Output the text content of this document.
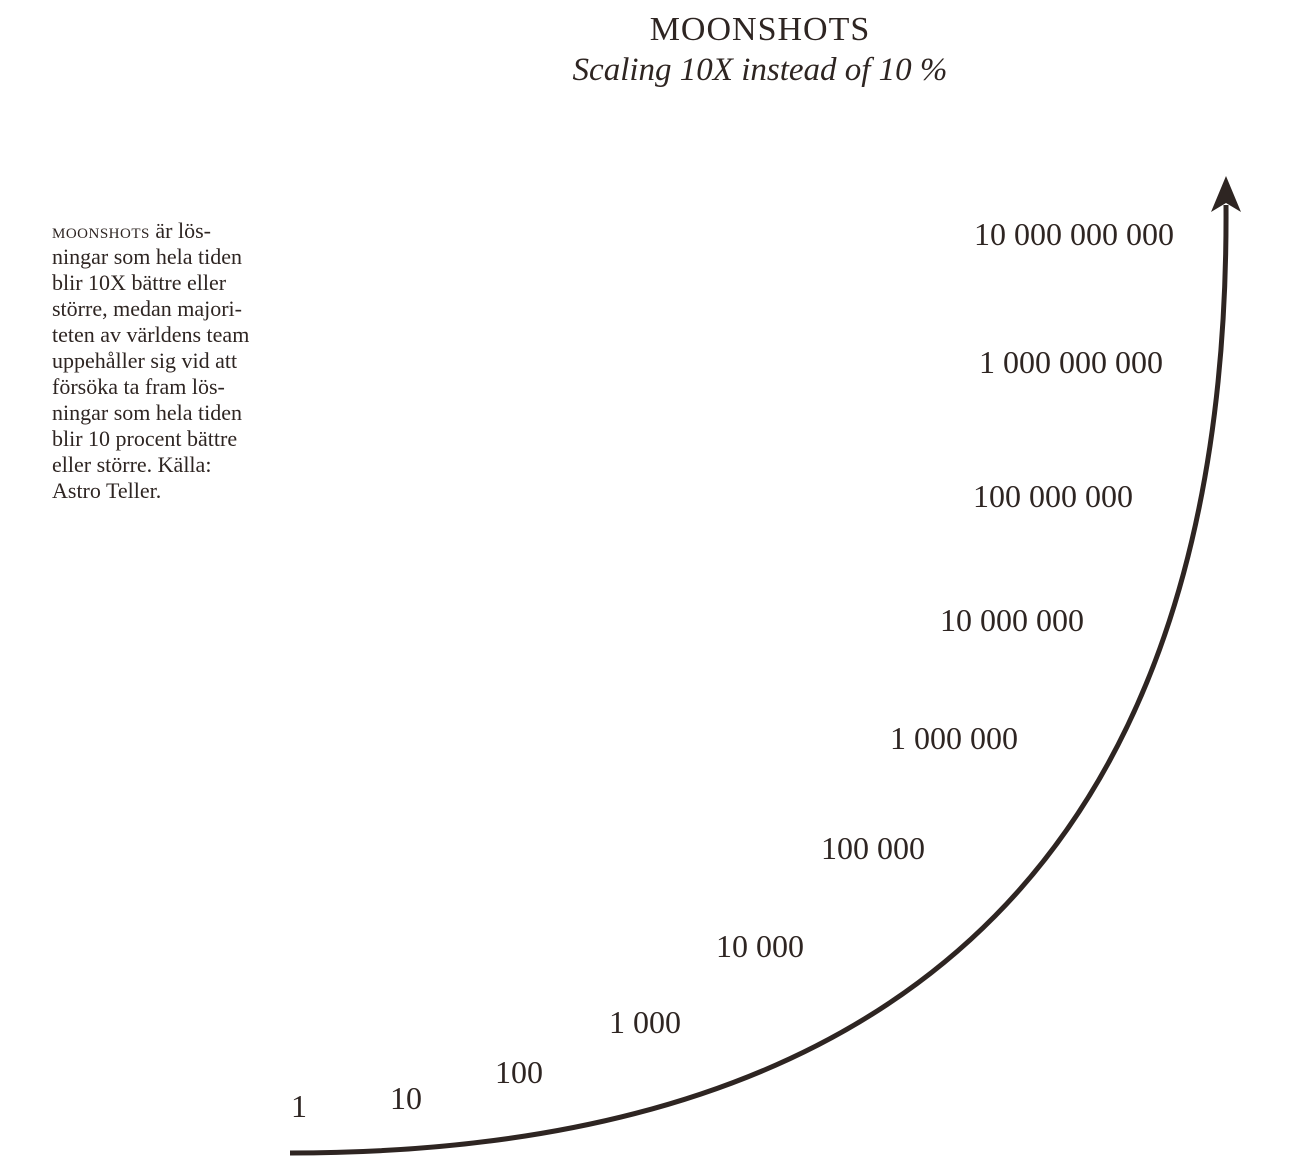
MOONSHOTS
Scaling 10X instead of 10 %

moonshots är lös-
ningar som hela tiden
blir 10X bättre eller
större, medan majori-
teten av världens team
uppehåller sig vid att
försöka ta fram lös-
ningar som hela tiden
blir 10 procent bättre
eller större. Källa:
Astro Teller.

1	10
100
1 000
10 000
100 000
1 000 000
10 000 000
100 000 000
1 000 000 000
10 000 000 000
